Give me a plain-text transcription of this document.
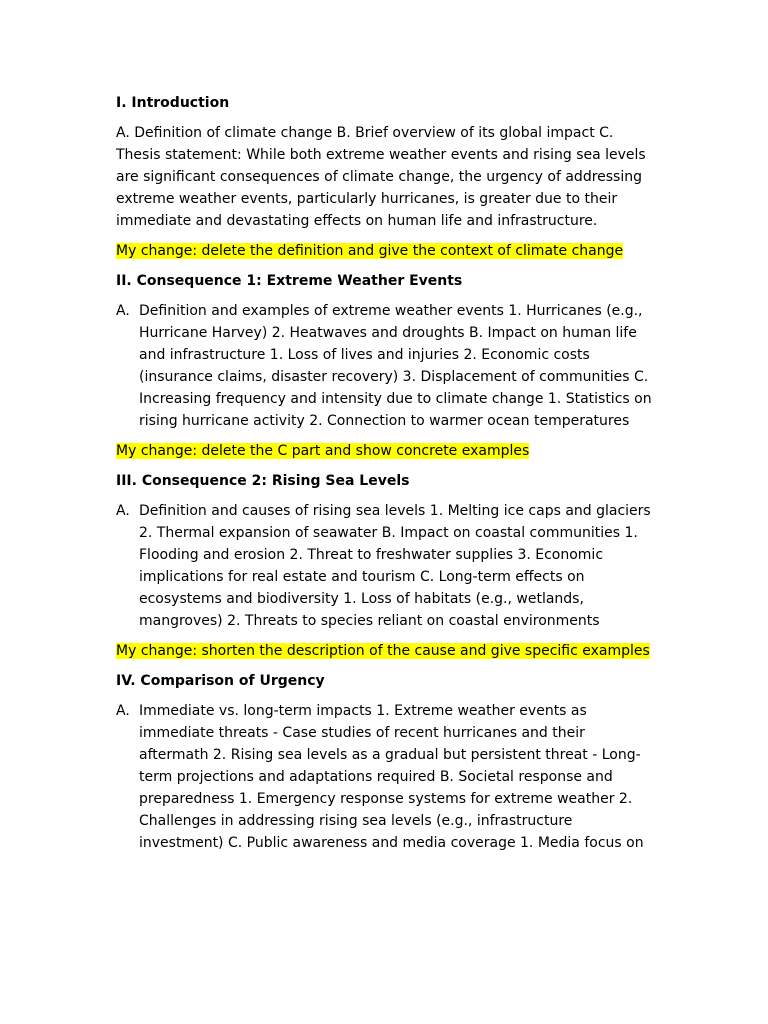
I. Introduction

A. Definition of climate change B. Brief overview of its global impact C. Thesis statement: While both extreme weather events and rising sea levels are significant consequences of climate change, the urgency of addressing extreme weather events, particularly hurricanes, is greater due to their immediate and devastating effects on human life and infrastructure.

My change: delete the definition and give the context of climate change

II. Consequence 1: Extreme Weather Events
A. Definition and examples of extreme weather events 1. Hurricanes (e.g., Hurricane Harvey) 2. Heatwaves and droughts B. Impact on human life and infrastructure 1. Loss of lives and injuries 2. Economic costs (insurance claims, disaster recovery) 3. Displacement of communities C. Increasing frequency and intensity due to climate change 1. Statistics on rising hurricane activity 2. Connection to warmer ocean temperatures

My change: delete the C part and show concrete examples

III. Consequence 2: Rising Sea Levels
A. Definition and causes of rising sea levels 1. Melting ice caps and glaciers 2. Thermal expansion of seawater B. Impact on coastal communities 1. Flooding and erosion 2. Threat to freshwater supplies 3. Economic implications for real estate and tourism C. Long-term effects on ecosystems and biodiversity 1. Loss of habitats (e.g., wetlands, mangroves) 2. Threats to species reliant on coastal environments

My change: shorten the description of the cause and give specific examples

IV. Comparison of Urgency
A. Immediate vs. long-term impacts 1. Extreme weather events as immediate threats - Case studies of recent hurricanes and their aftermath 2. Rising sea levels as a gradual but persistent threat - Long-term projections and adaptations required B. Societal response and preparedness 1. Emergency response systems for extreme weather 2. Challenges in addressing rising sea levels (e.g., infrastructure investment) C. Public awareness and media coverage 1. Media focus on
